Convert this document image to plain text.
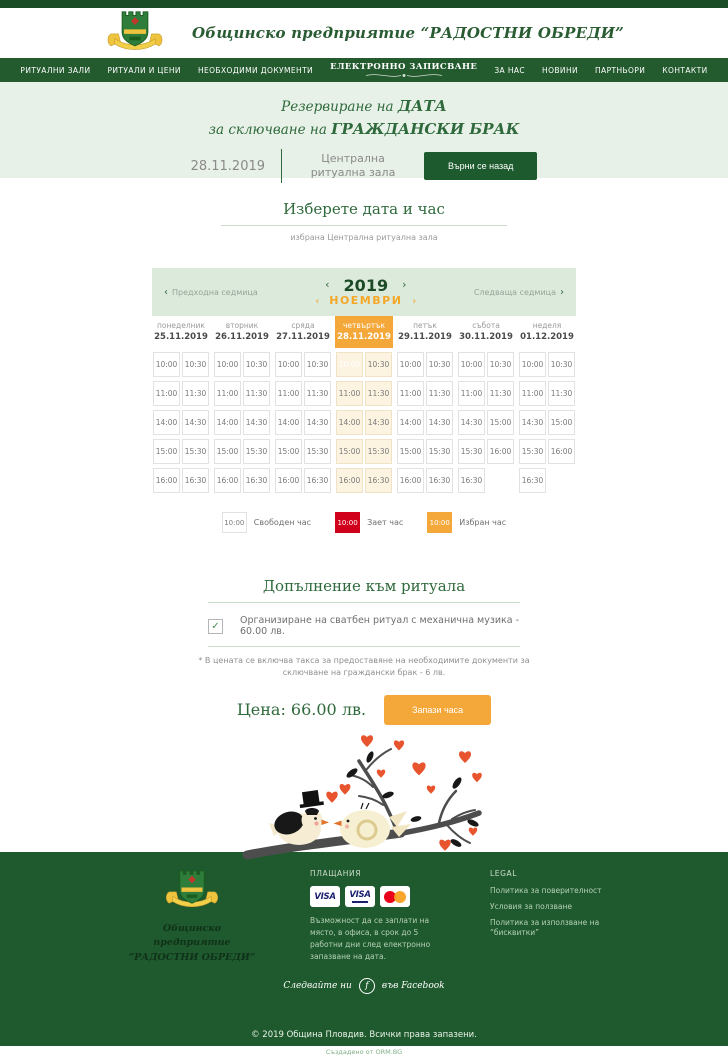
Общинско предприятие “РАДОСТНИ ОБРЕДИ”
РИТУАЛНИ ЗАЛИ РИТУАЛИ И ЦЕНИ НЕОБХОДИМИ ДОКУМЕНТИ ЕЛЕКТРОННО ЗАПИСВАНЕ ЗА НАС НОВИНИ ПАРТНЬОРИ КОНТАКТИ
Резервиране на ДАТА
за сключване на ГРАЖДАНСКИ БРАК
28.11.2019
Централна ритуална зала	Върни се назад
Изберете дата и час
избрана Централна ритуална зала
‹ Предходна седмица
‹ 2019 ›
‹ НОЕМВРИ ›
Следваща седмица ›
понеделник
25.11.2019
10:00 10:30
11:00 11:30
14:00 14:30
15:00 15:30
16:00 16:30
вторник
26.11.2019
10:00 10:30
11:00 11:30
14:00 14:30
15:00 15:30
16:00 16:30
сряда
27.11.2019
10:00 10:30
11:00 11:30
14:00 14:30
15:00 15:30
16:00 16:30
четвъртък
28.11.2019
10:00 10:30
11:00 11:30
14:00 14:30
15:00 15:30
16:00 16:30
петък
29.11.2019
10:00 10:30
11:00 11:30
14:00 14:30
15:00 15:30
16:00 16:30
събота
30.11.2019
10:00 10:30
11:00 11:30
14:30 15:00
15:30 16:00
16:30
неделя
01.12.2019
10:00 10:30
11:00 11:30
14:30 15:00
15:30 16:00
16:30
10:00	Свободен час	10:00	Зает час	10:00	Избран час
Допълнение към ритуала
✓ Организиране на сватбен ритуал с механична музика - 60.00 лв.
* В цената се включва такса за предоставяне на необходимите документи за сключване на граждански брак - 6 лв.
Цена: 66.00 лв.	Запази часа
Общинско предприятие
“РАДОСТНИ ОБРЕДИ”
ПЛАЩАНИЯ
VISA VISA
Възможност да се заплати на място, в офиса, в срок до 5 работни дни след електронно запазване на дата.
LEGAL
Политика за поверителност
Условия за ползване
Политика за използване на “бисквитки”
Следвайте ни f във Facebook
© 2019 Община Пловдив. Всички права запазени.
Създадено от ORM.BG
